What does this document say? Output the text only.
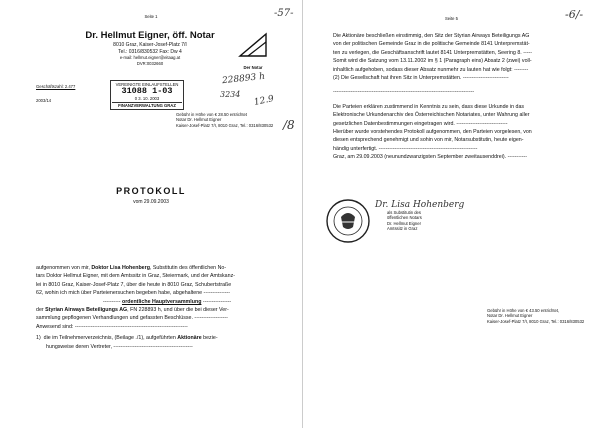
Seite 1
Dr. Hellmut Eigner, öff. Notar
8010 Graz, Kaiser-Josef-Platz 7/I
Tel.: 0316/830532 Fax: Dw 4
e-mail: hellmut.eigner@eitaag.at
DVR:0032660
Der Notar
Geschäftszahl: 2.477
2003/14
VEREINIGTE EINLAUFSTELLEN
31088 1-03
0 3. 10. 2003
FINANZVERWALTUNG GRAZ
228893 h
3234 12.9
-57-
/8
Gebühr in Höhe von € 28.50 entrichtet
Notar Dr. Hellmut Eigner
Kaiser-Josef-Platz 7/I, 8010 Graz, Tel.: 0316/830532
PROTOKOLL
vom 29.09.2003
aufgenommen von mir, Doktor Lisa Hohenberg, Substitutin des öffentlichen No-
tars Doktor Hellmut Eigner, mit dem Amtssitz in Graz, Steiermark, und der Amtskanz-
lei in 8010 Graz, Kaiser-Josef-Platz 7, über die heute in 8010 Graz, Schubertstraße
62, wohin ich mich über Parteienersuchen begeben habe, abgehaltene ---------------
---------- ordentliche Hauptversammlung ----------------
der Styrian Airways Beteiligungs AG, FN 228893 h, und über die bei dieser Ver-
sammlung gepflogenen Verhandlungen und gefassten Beschlüsse. -------------------
Anwesend sind: ----------------------------------------------------------------
1) die im Teilnehmerverzeichnis, (Beilage ./1), aufgeführten Aktionäre bezie-
hungsweise deren Vertreter, ---------------------------------------------
Seite 5	-6/-
Die Aktionäre beschließen einstimmig, den Sitz der Styrian Airways Beteiligungs AG
von der politischen Gemeinde Graz in die politische Gemeinde 8141 Unterpremstät-
ten zu verlegen, die Geschäftsanschrift lautet 8141 Unterpremstätten, Seering 8. -----
Somit wird die Satzung vom 13.11.2002 im § 1 (Paragraph eins) Absatz 2 (zwei) voll-
inhaltlich aufgehoben, sodass dieser Absatz nunmehr zu lauten hat wie folgt: --------
(2) Die Gesellschaft hat ihren Sitz in Unterpremstätten. --------------------------
--------------------------------------------------------------------------------
Die Parteien erklären zustimmend in Kenntnis zu sein, dass diese Urkunde in das
Elektronische Urkundenarchiv des Österreichischen Notariates, unter Wahrung aller
gesetzlichen Datenbestimmungen eingetragen wird. -----------------------------
Hierüber wurde vorstehendes Protokoll aufgenommen, den Parteien vorgelesen, von
diesen entsprechend genehmigt und sohin von mir, Notarsubstitutin, heute eigen-
händig unterfertigt. --------------------------------------------------------
Graz, am 29.09.2003 (neunundzwanzigsten September zweitausenddrei). -----------
Dr. Lisa Hohenberg
als Substitutin des
öffentlichen Notars
Dr. Hellmut Eigner
Amtssitz in Graz
Gebühr in Höhe von € 43.50 entrichtet,
Notar Dr. Hellmut Eigner
Kaiser-Josef-Platz 7/I, 8010 Graz, Tel.: 0316/830532
